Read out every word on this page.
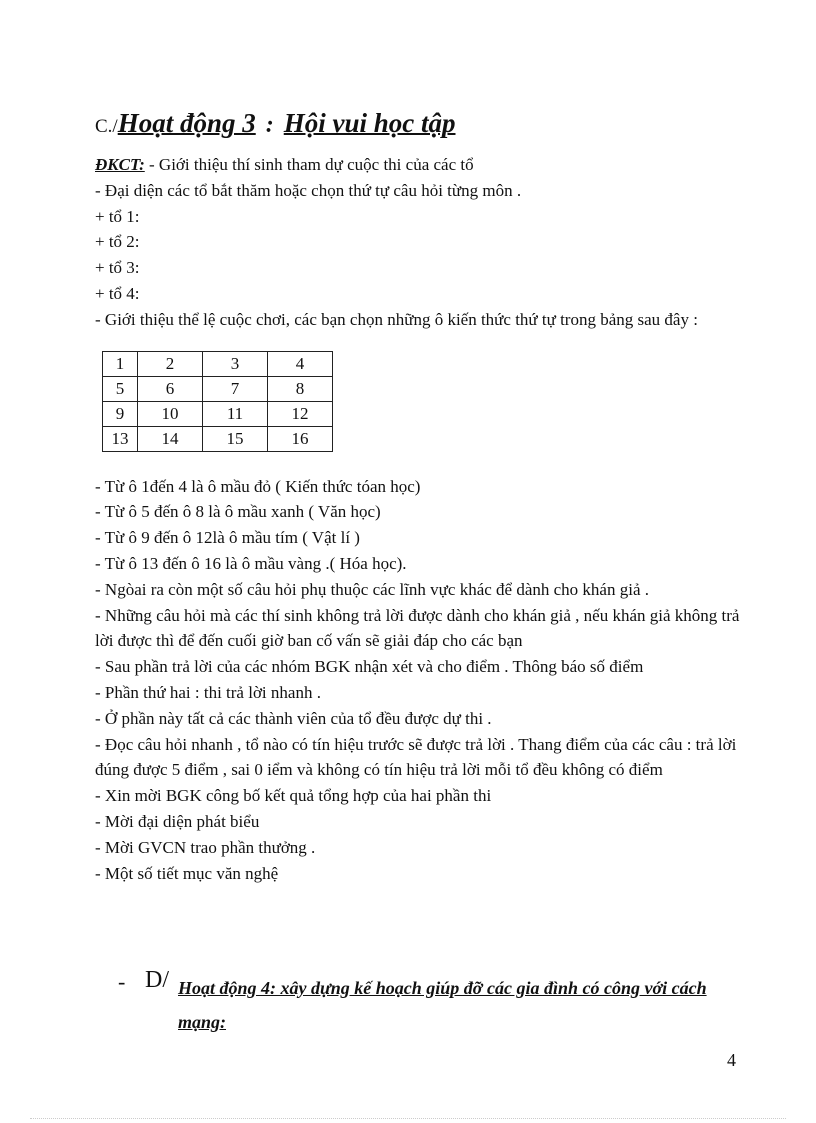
C./Hoạt động 3 : Hội vui học tập
ĐKCT: - Giới thiệu thí sinh tham dự cuộc thi của các tổ
- Đại diện các tổ bắt thăm hoặc chọn thứ tự câu hỏi từng môn .
+ tổ 1:
+ tổ 2:
+ tổ 3:
+ tổ 4:
- Giới thiệu thể lệ cuộc chơi, các bạn chọn những ô kiến thức thứ tự trong bảng sau đây :
1	2	3	4
5	6	7	8
9	10	11	12
13	14	15	16
- Từ ô 1đến 4 là ô mầu đỏ ( Kiến thức tóan học)
- Từ ô 5 đến ô 8 là ô mầu xanh ( Văn học)
- Từ ô 9 đến ô 12là ô mầu tím ( Vật lí )
- Từ ô 13 đến ô 16 là ô mầu vàng .( Hóa học).
- Ngòai ra còn một số câu hỏi phụ thuộc các lĩnh vực khác để dành cho khán giả .
- Những câu hỏi mà các thí sinh không trả lời được dành cho khán giả , nếu khán giả không trả lời được thì để đến cuối giờ ban cố vấn sẽ giải đáp cho các bạn
- Sau phần trả lời của các nhóm BGK nhận xét và cho điểm . Thông báo số điểm
- Phần thứ hai : thi trả lời nhanh .
- Ở phần này tất cả các thành viên của tổ đều được dự thi .
- Đọc câu hỏi nhanh , tổ nào có tín hiệu trước sẽ được trả lời . Thang điểm của các câu : trả lời đúng được 5 điểm , sai 0 iểm và không có tín hiệu trả lời mỗi tổ đều không có điểm
- Xin mời BGK công bố kết quả tổng hợp của hai phần thi
- Mời đại diện phát biểu
- Mời GVCN trao phần thưởng .
- Một số tiết mục văn nghệ
- D/ Hoạt động 4: xây dựng kế hoạch giúp đỡ các gia đình có công với cách mạng:
4
